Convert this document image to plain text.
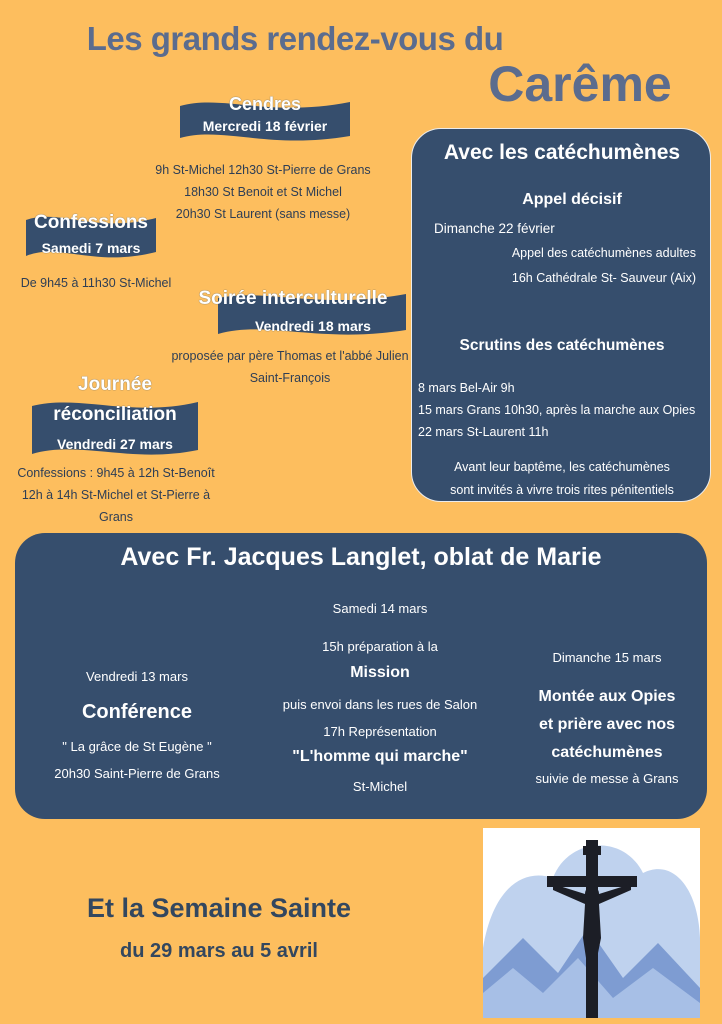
Les grands rendez-vous du
Carême
Cendres
Mercredi 18 février
9h St-Michel 12h30 St-Pierre de Grans
18h30 St Benoit et St Michel
20h30 St Laurent (sans messe)
Confessions
Samedi 7 mars
De 9h45 à 11h30 St-Michel
Soirée interculturelle
Vendredi 18 mars
proposée par père Thomas et l'abbé Julien
Saint-François
Journée
réconciliation
Vendredi 27 mars
Confessions : 9h45 à 12h St-Benoît
12h à 14h St-Michel et St-Pierre à Grans
Avec les catéchumènes
Appel décisif
Dimanche 22 février
Appel des catéchumènes adultes
16h Cathédrale St- Sauveur (Aix)
Scrutins des catéchumènes
8 mars Bel-Air 9h
15 mars Grans 10h30, après la marche aux Opies
22 mars St-Laurent 11h
Avant leur baptême, les catéchumènes
sont invités à vivre trois rites pénitentiels
Avec Fr. Jacques Langlet, oblat de Marie
Vendredi 13 mars
Conférence
" La grâce de St Eugène "
20h30 Saint-Pierre de Grans
Samedi 14 mars
15h préparation à la
Mission
puis envoi dans les rues de Salon
17h Représentation
"L'homme qui marche"
St-Michel
Dimanche 15 mars
Montée aux Opies
et prière avec nos
catéchumènes
suivie de messe à Grans
Et la Semaine Sainte
du 29 mars au 5 avril
